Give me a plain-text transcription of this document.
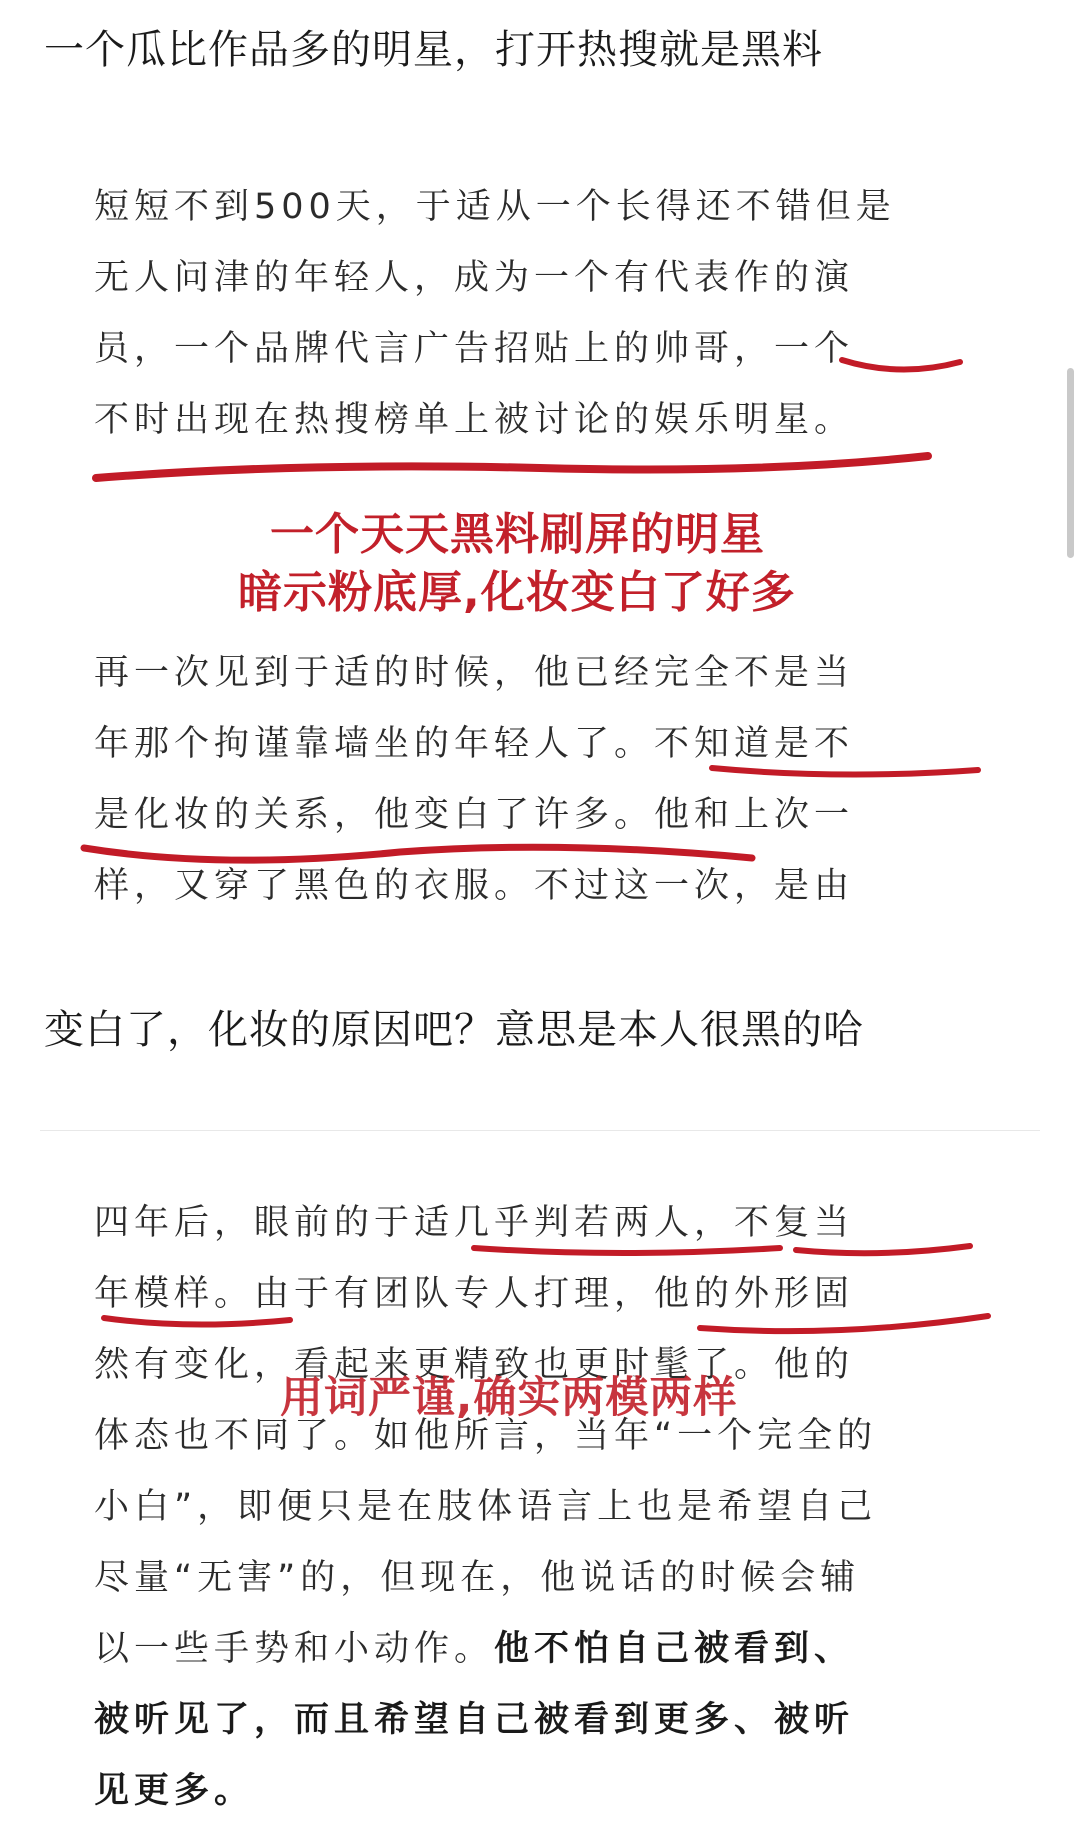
一个瓜比作品多的明星，打开热搜就是黑料
短短不到500天，于适从一个长得还不错但是
无人问津的年轻人，成为一个有代表作的演
员，一个品牌代言广告招贴上的帅哥，一个
不时出现在热搜榜单上被讨论的娱乐明星。

一个天天黑料刷屏的明星

暗示粉底厚,化妆变白了好多

再一次见到于适的时候，他已经完全不是当
年那个拘谨靠墙坐的年轻人了。不知道是不
是化妆的关系，他变白了许多。他和上次一
样，又穿了黑色的衣服。不过这一次，是由
变白了，化妆的原因吧？意思是本人很黑的哈
四年后，眼前的于适几乎判若两人，不复当
年模样。由于有团队专人打理，他的外形固
然有变化，看起来更精致也更时髦了。他的
体态也不同了。如他所言，当年“一个完全的
小白”，即便只是在肢体语言上也是希望自己
尽量“无害”的，但现在，他说话的时候会辅
以一些手势和小动作。他不怕自己被看到、
被听见了，而且希望自己被看到更多、被听
见更多。

用词严谨,确实两模两样
